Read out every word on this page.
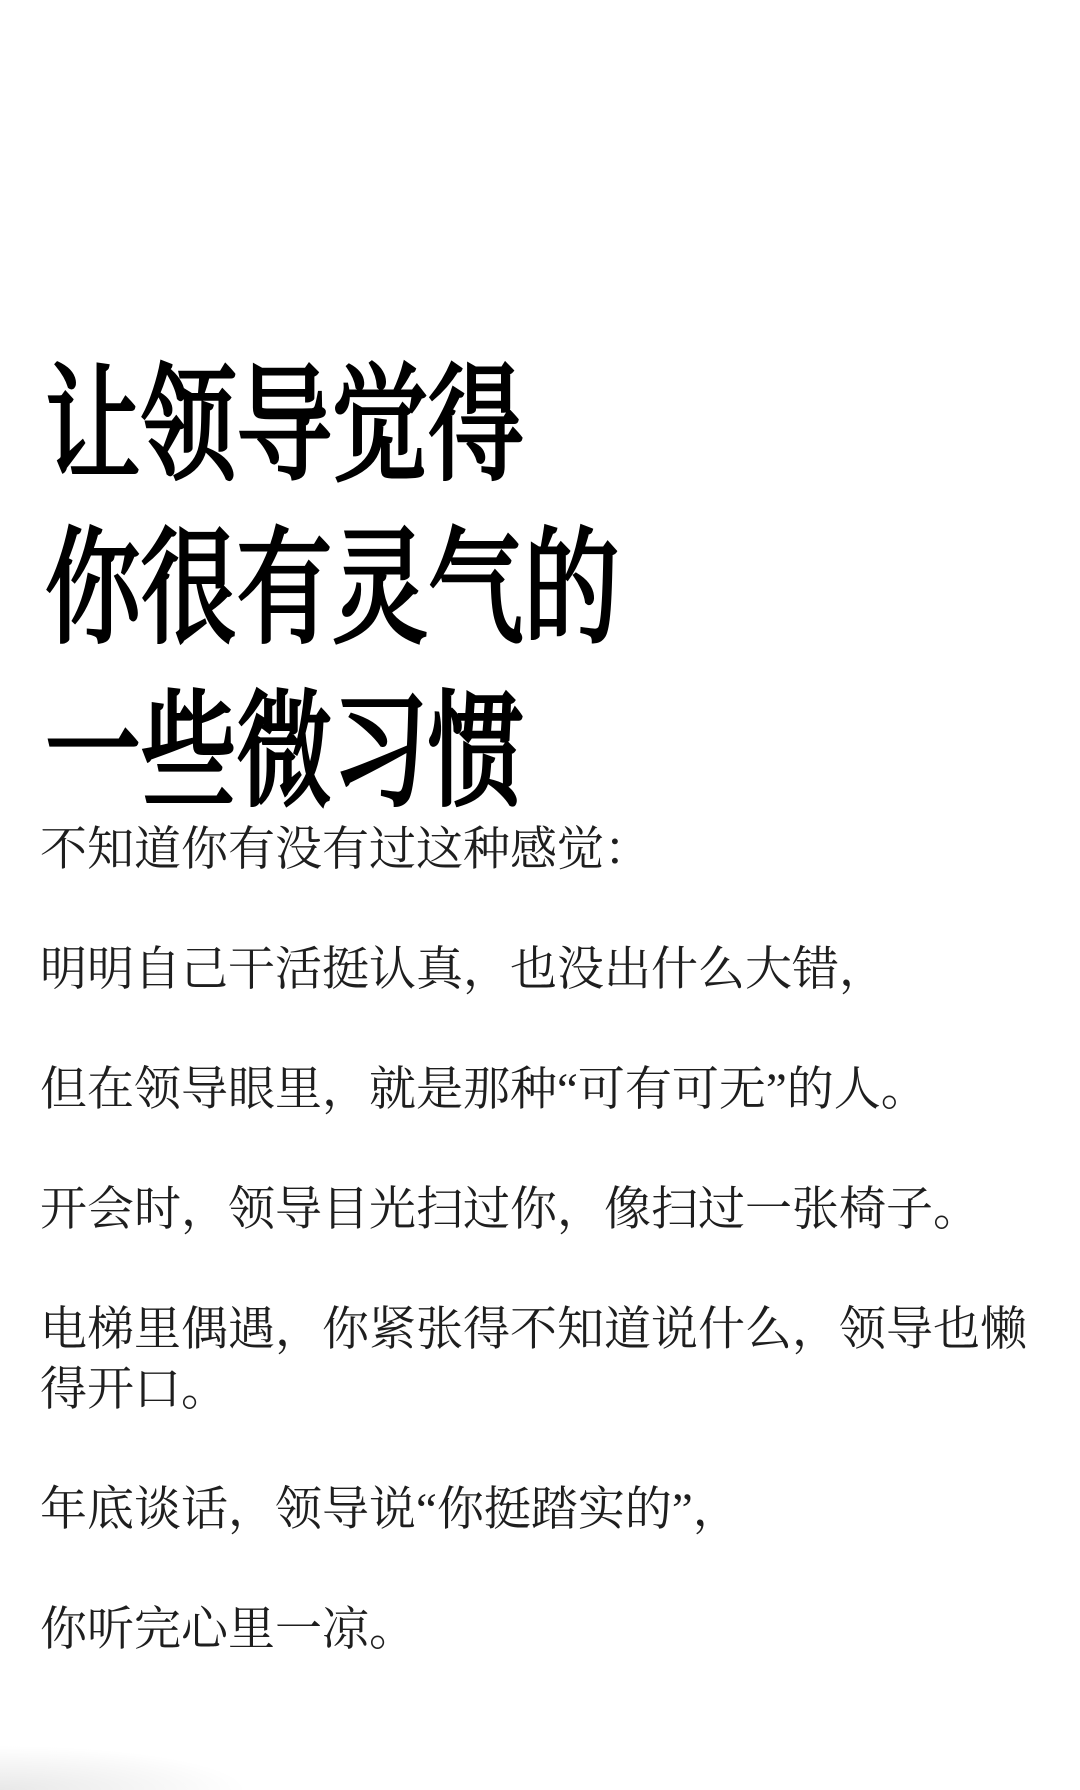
让领导觉得
你很有灵气的
一些微习惯

不知道你有没有过这种感觉：

明明自己干活挺认真，也没出什么大错，

但在领导眼里，就是那种“可有可无”的人。

开会时，领导目光扫过你，像扫过一张椅子。

电梯里偶遇，你紧张得不知道说什么，领导也懒得开口。

年底谈话，领导说“你挺踏实的”，

你听完心里一凉。
